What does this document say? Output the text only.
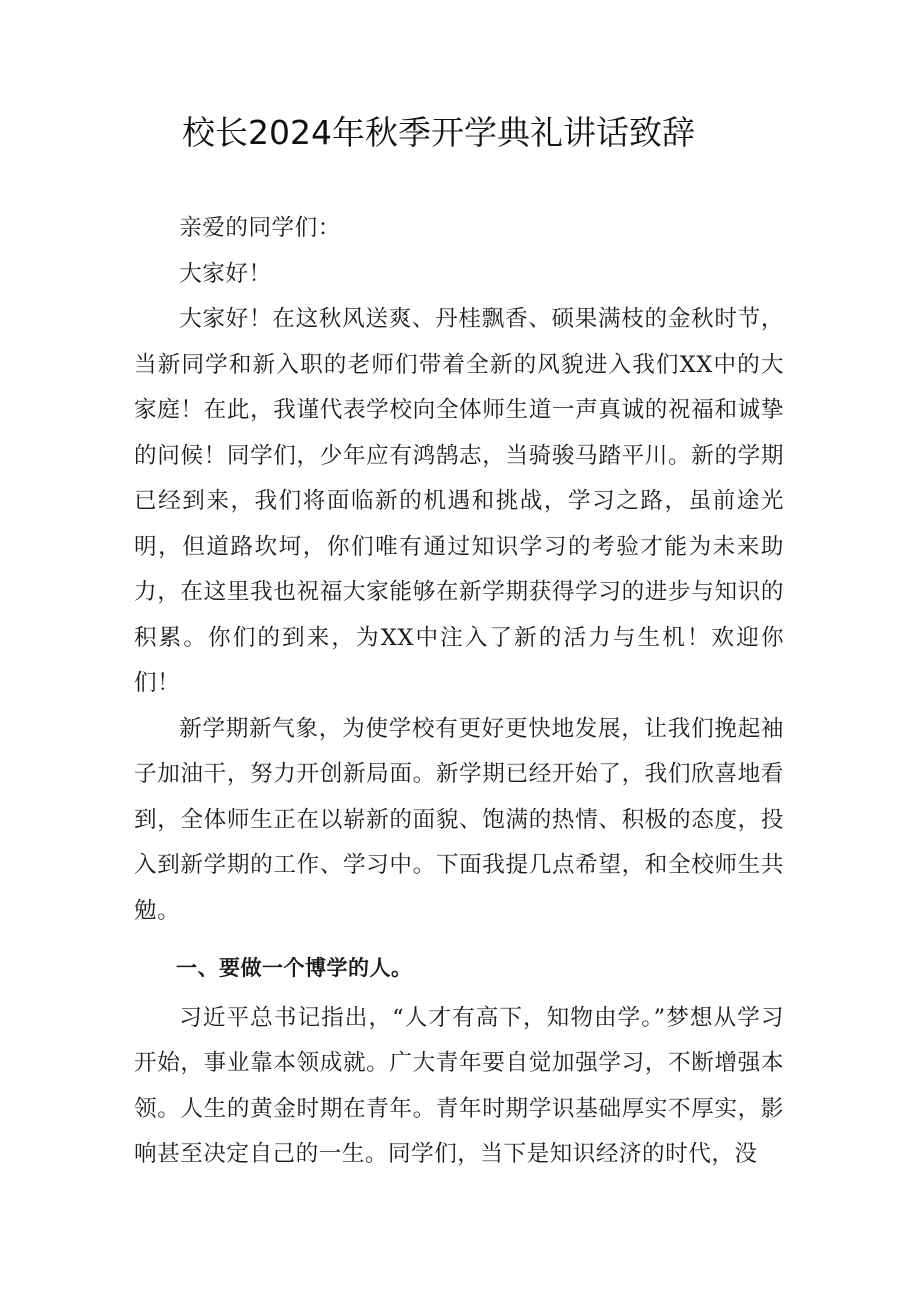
校长2024年秋季开学典礼讲话致辞

亲爱的同学们：

大家好！

大家好！在这秋风送爽、丹桂飘香、硕果满枝的金秋时节，当新同学和新入职的老师们带着全新的风貌进入我们XX中的大家庭！在此，我谨代表学校向全体师生道一声真诚的祝福和诚挚的问候！同学们，少年应有鸿鹄志，当骑骏马踏平川。新的学期已经到来，我们将面临新的机遇和挑战，学习之路，虽前途光明，但道路坎坷，你们唯有通过知识学习的考验才能为未来助力，在这里我也祝福大家能够在新学期获得学习的进步与知识的积累。你们的到来，为XX中注入了新的活力与生机！欢迎你们！

新学期新气象，为使学校有更好更快地发展，让我们挽起袖子加油干，努力开创新局面。新学期已经开始了，我们欣喜地看到，全体师生正在以崭新的面貌、饱满的热情、积极的态度，投入到新学期的工作、学习中。下面我提几点希望，和全校师生共勉。

一、要做一个博学的人。

习近平总书记指出，“人才有高下，知物由学。”梦想从学习开始，事业靠本领成就。广大青年要自觉加强学习，不断增强本领。人生的黄金时期在青年。青年时期学识基础厚实不厚实，影响甚至决定自己的一生。同学们，当下是知识经济的时代，没
